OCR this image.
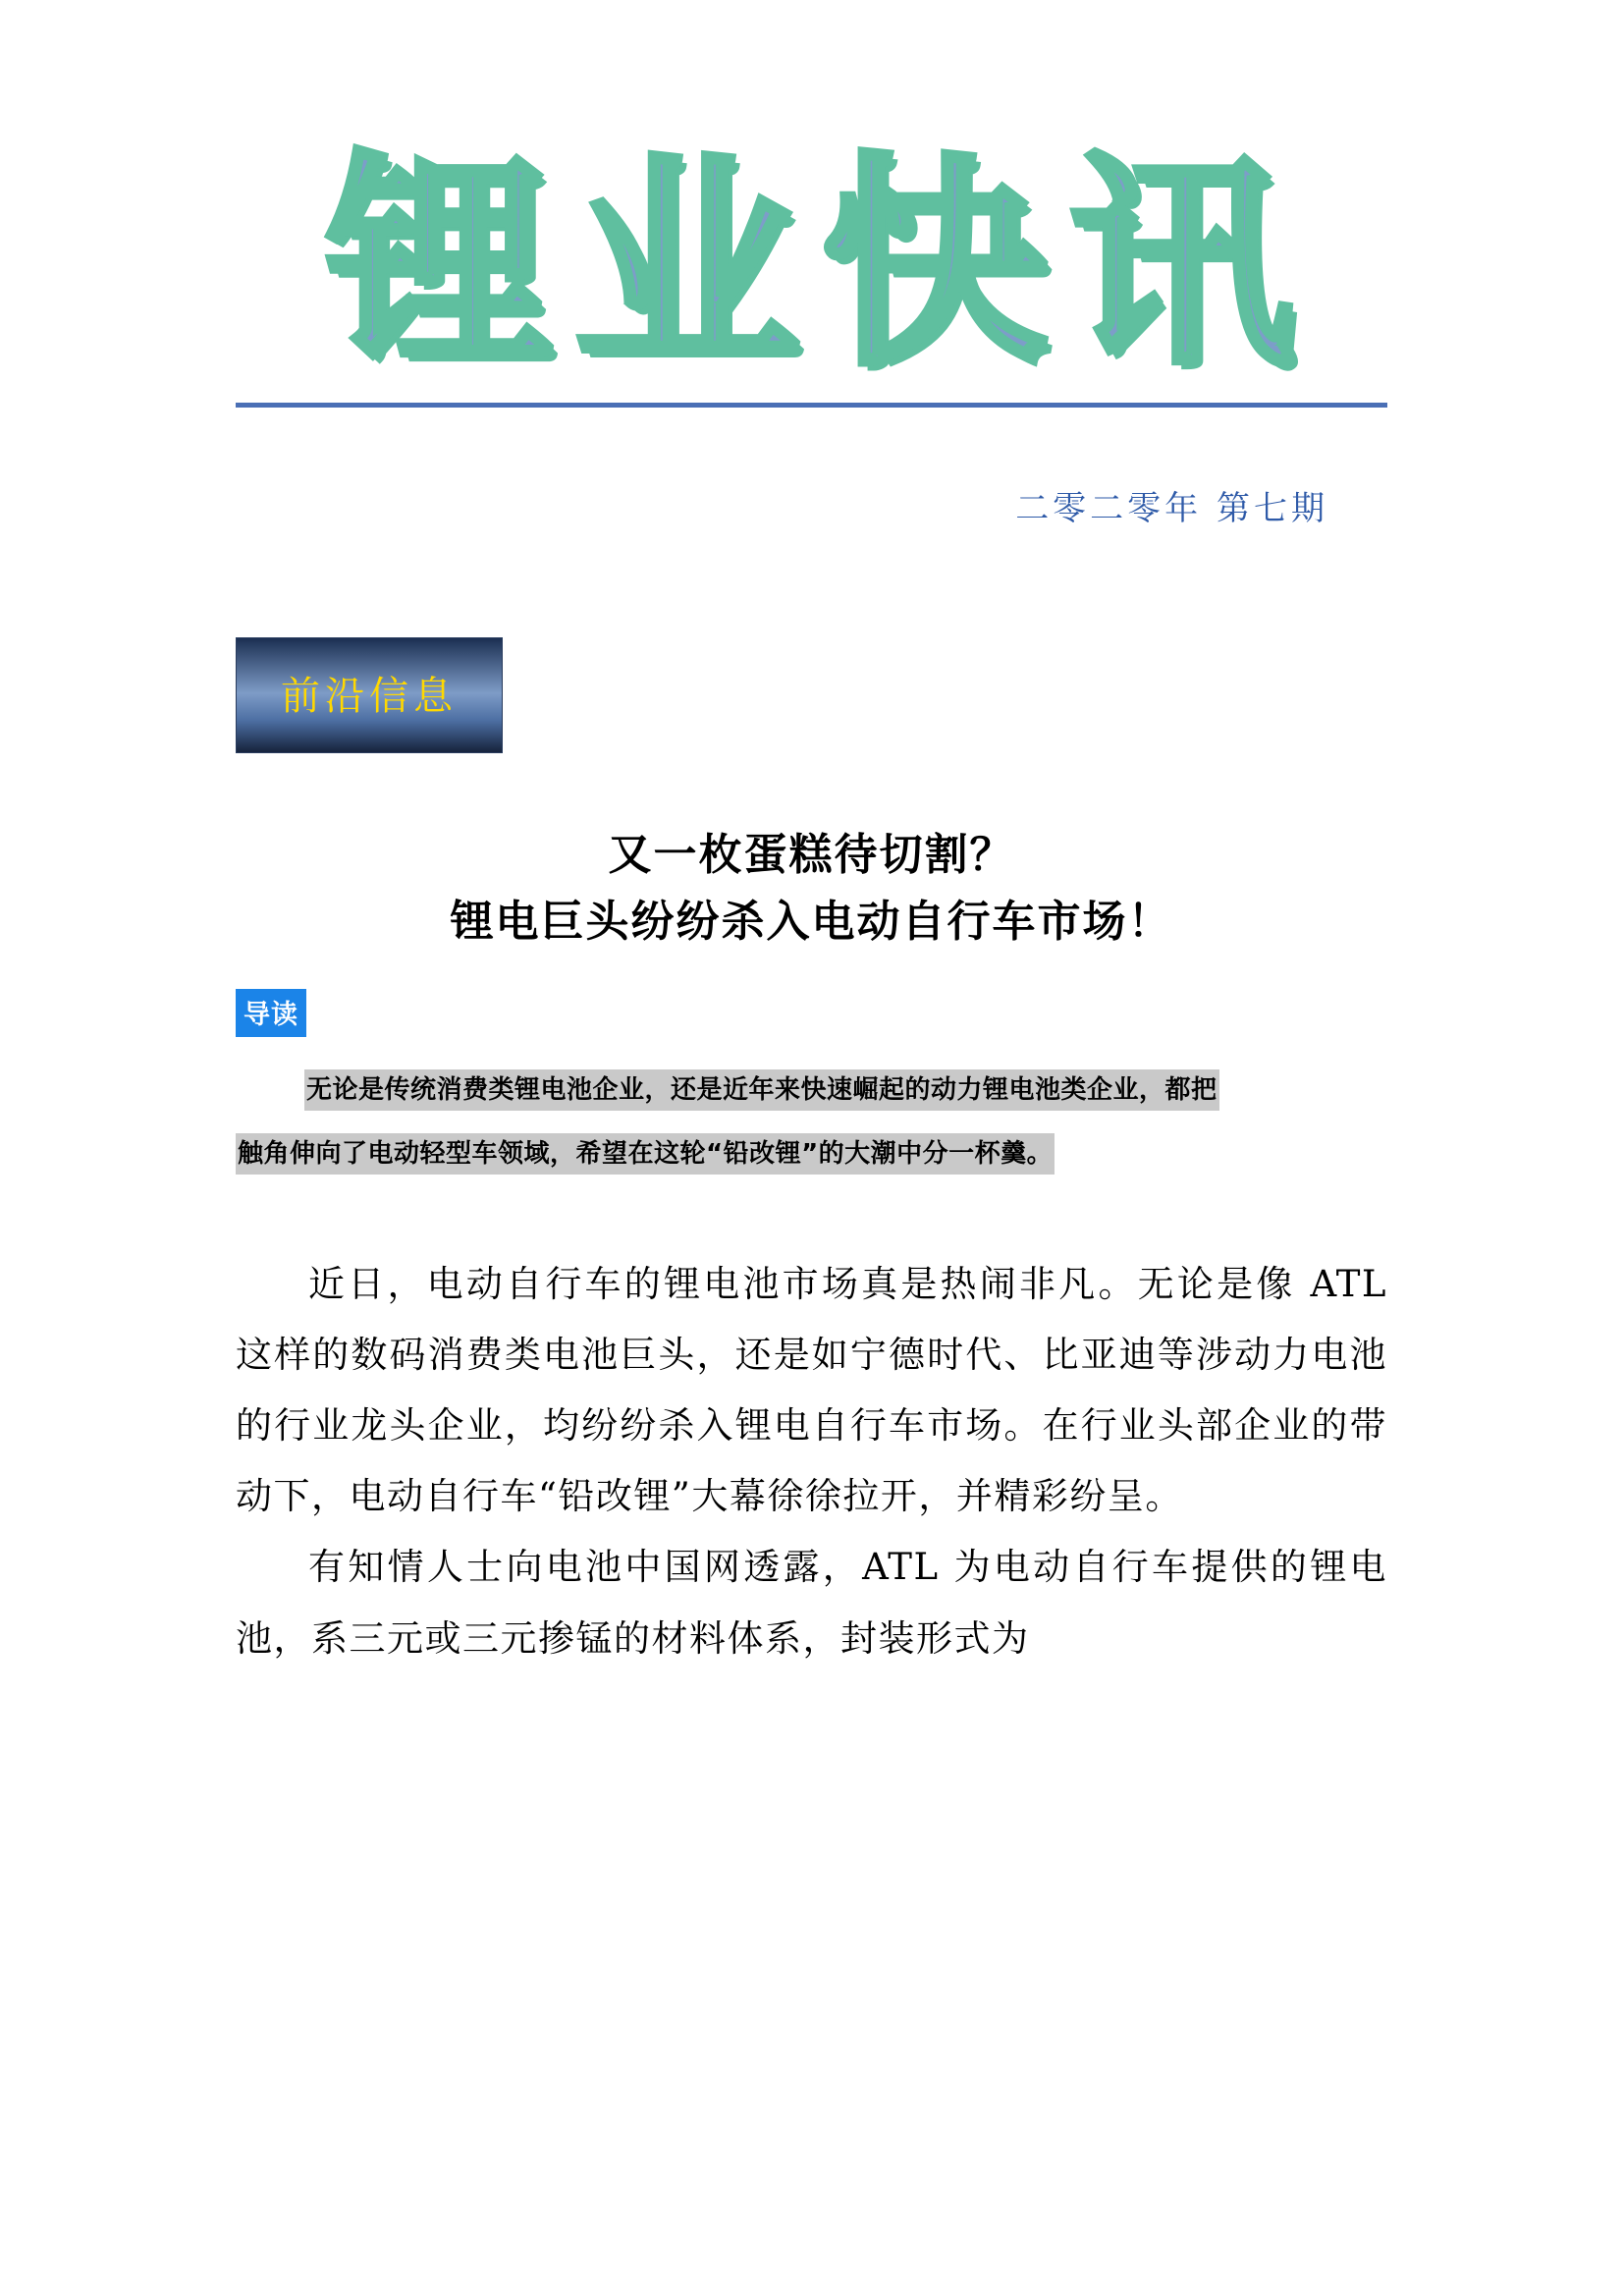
锂业快讯
二零二零年 第七期
前沿信息
又一枚蛋糕待切割？
锂电巨头纷纷杀入电动自行车市场！
导读
无论是传统消费类锂电池企业，还是近年来快速崛起的动力锂电池类企业，都把
触角伸向了电动轻型车领域，希望在这轮“铅改锂”的大潮中分一杯羹。

近日，电动自行车的锂电池市场真是热闹非凡。无论是像 ATL 这样的数码消费类电池巨头，还是如宁德时代、比亚迪等涉动力电池的行业龙头企业，均纷纷杀入锂电自行车市场。在行业头部企业的带动下，电动自行车“铅改锂”大幕徐徐拉开，并精彩纷呈。

有知情人士向电池中国网透露，ATL 为电动自行车提供的锂电池，系三元或三元掺锰的材料体系，封装形式为
